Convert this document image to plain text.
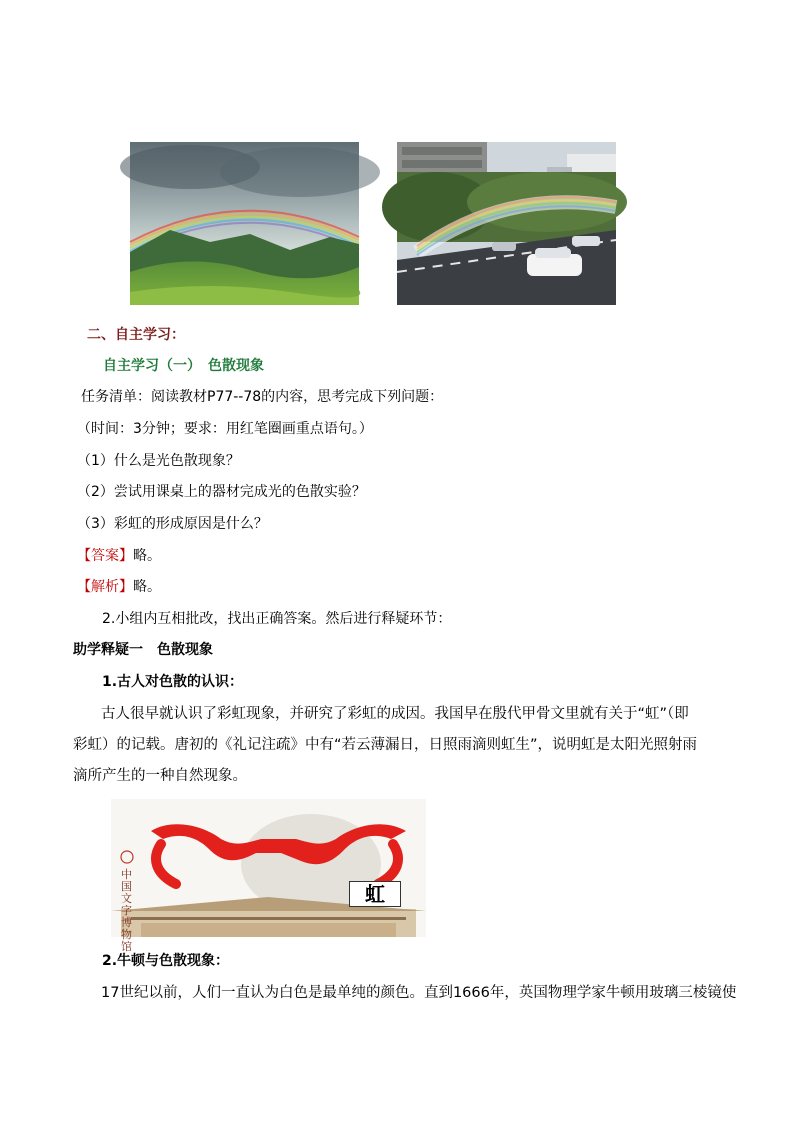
二、自主学习：
自主学习（一）　色散现象
任务清单：阅读教材P77--78的内容，思考完成下列问题：
（时间：3分钟；要求：用红笔圈画重点语句。）
（1）什么是光色散现象？
（2）尝试用课桌上的器材完成光的色散实验？
（3）彩虹的形成原因是什么？
【答案】略。
【解析】略。
2.小组内互相批改，找出正确答案。然后进行释疑环节：
助学释疑一　色散现象
1.古人对色散的认识：
古人很早就认识了彩虹现象，并研究了彩虹的成因。我国早在殷代甲骨文里就有关于“虹”（即
彩虹）的记载。唐初的《礼记注疏》中有“若云薄漏日，日照雨滴则虹生”，说明虹是太阳光照射雨
滴所产生的一种自然现象。
中国文字博物馆
虹
2.牛顿与色散现象：
17世纪以前，人们一直认为白色是最单纯的颜色。直到1666年，英国物理学家牛顿用玻璃三棱镜使
